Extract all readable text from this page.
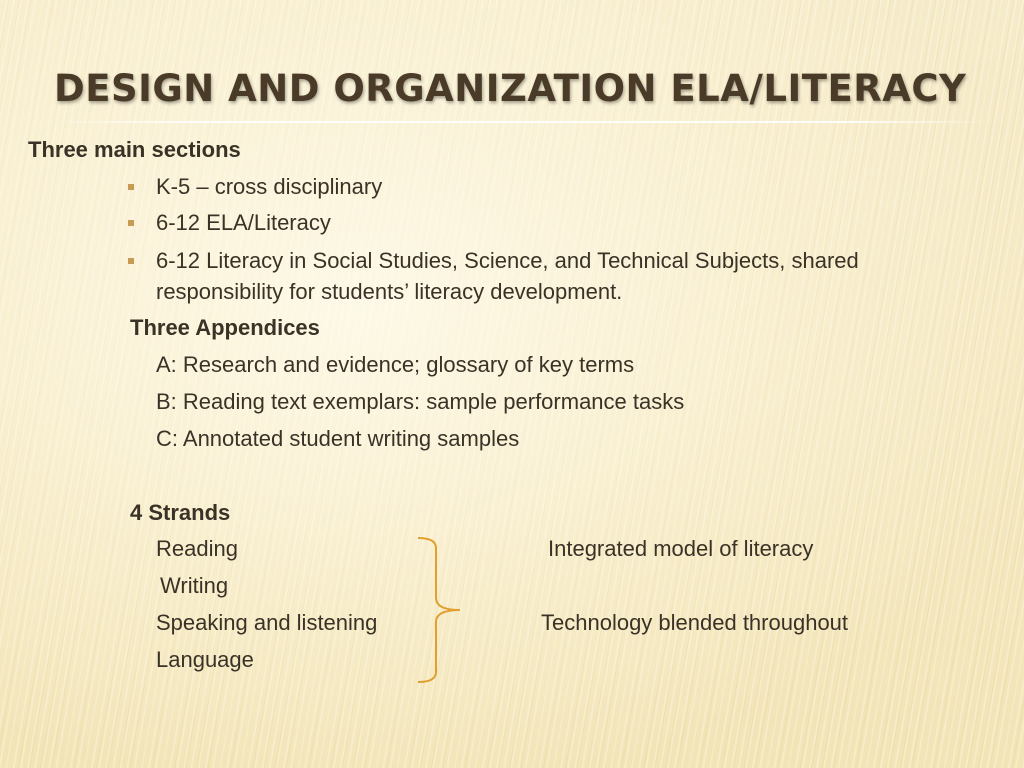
DESIGN AND ORGANIZATION ELA/LITERACY

Three main sections

K-5 – cross disciplinary

6-12 ELA/Literacy

6-12 Literacy in Social Studies, Science, and Technical Subjects, shared

responsibility for students’ literacy development.

Three Appendices

A: Research and evidence; glossary of key terms

B: Reading text exemplars: sample performance tasks

C: Annotated student writing samples

4 Strands

Reading

Writing

Speaking and listening

Language

Integrated model of literacy

Technology blended throughout
